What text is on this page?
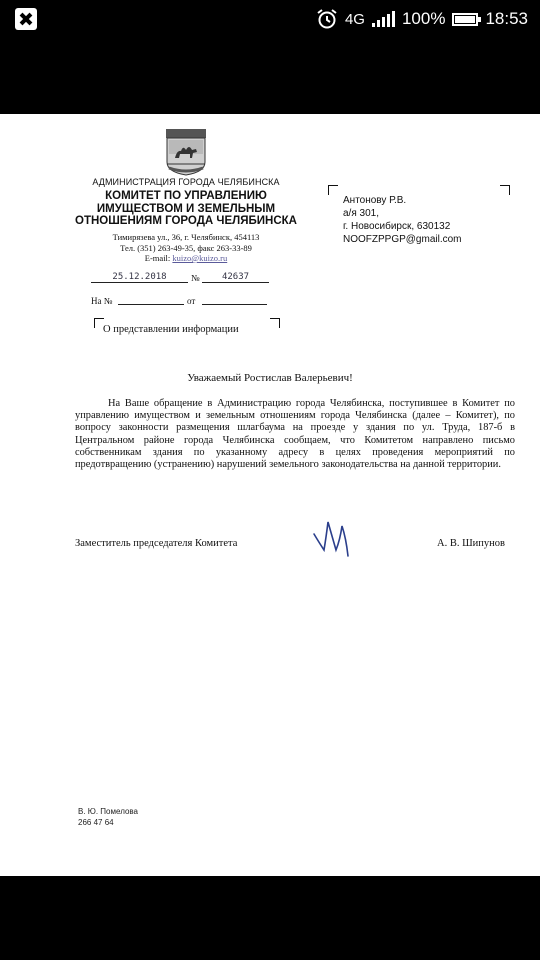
4G 100% 18:53
АДМИНИСТРАЦИЯ ГОРОДА ЧЕЛЯБИНСКА
КОМИТЕТ ПО УПРАВЛЕНИЮ
ИМУЩЕСТВОМ И ЗЕМЕЛЬНЫМ
ОТНОШЕНИЯМ ГОРОДА ЧЕЛЯБИНСКА
Тимирязева ул., 36, г. Челябинск, 454113
Тел. (351) 263-49-35, факс 263-33-89
E-mail: kuizo@kuizo.ru
25.12.2018	№	42637
На №	от
О представлении информации
Антонову Р.В.
а/я 301,
г. Новосибирск, 630132
NOOFZPPGP@gmail.com
Уважаемый Ростислав Валерьевич!
На Ваше обращение в Администрацию города Челябинска, поступившее в Комитет по управлению имуществом и земельным отношениям города Челябинска (далее – Комитет), по вопросу законности размещения шлагбаума на проезде у здания по ул. Труда, 187-б в Центральном районе города Челябинска сообщаем, что Комитетом направлено письмо собственникам здания по указанному адресу в целях проведения мероприятий по предотвращению (устранению) нарушений земельного законодательства на данной территории.
Заместитель председателя Комитета	А. В. Шипунов
В. Ю. Помелова
266 47 64
